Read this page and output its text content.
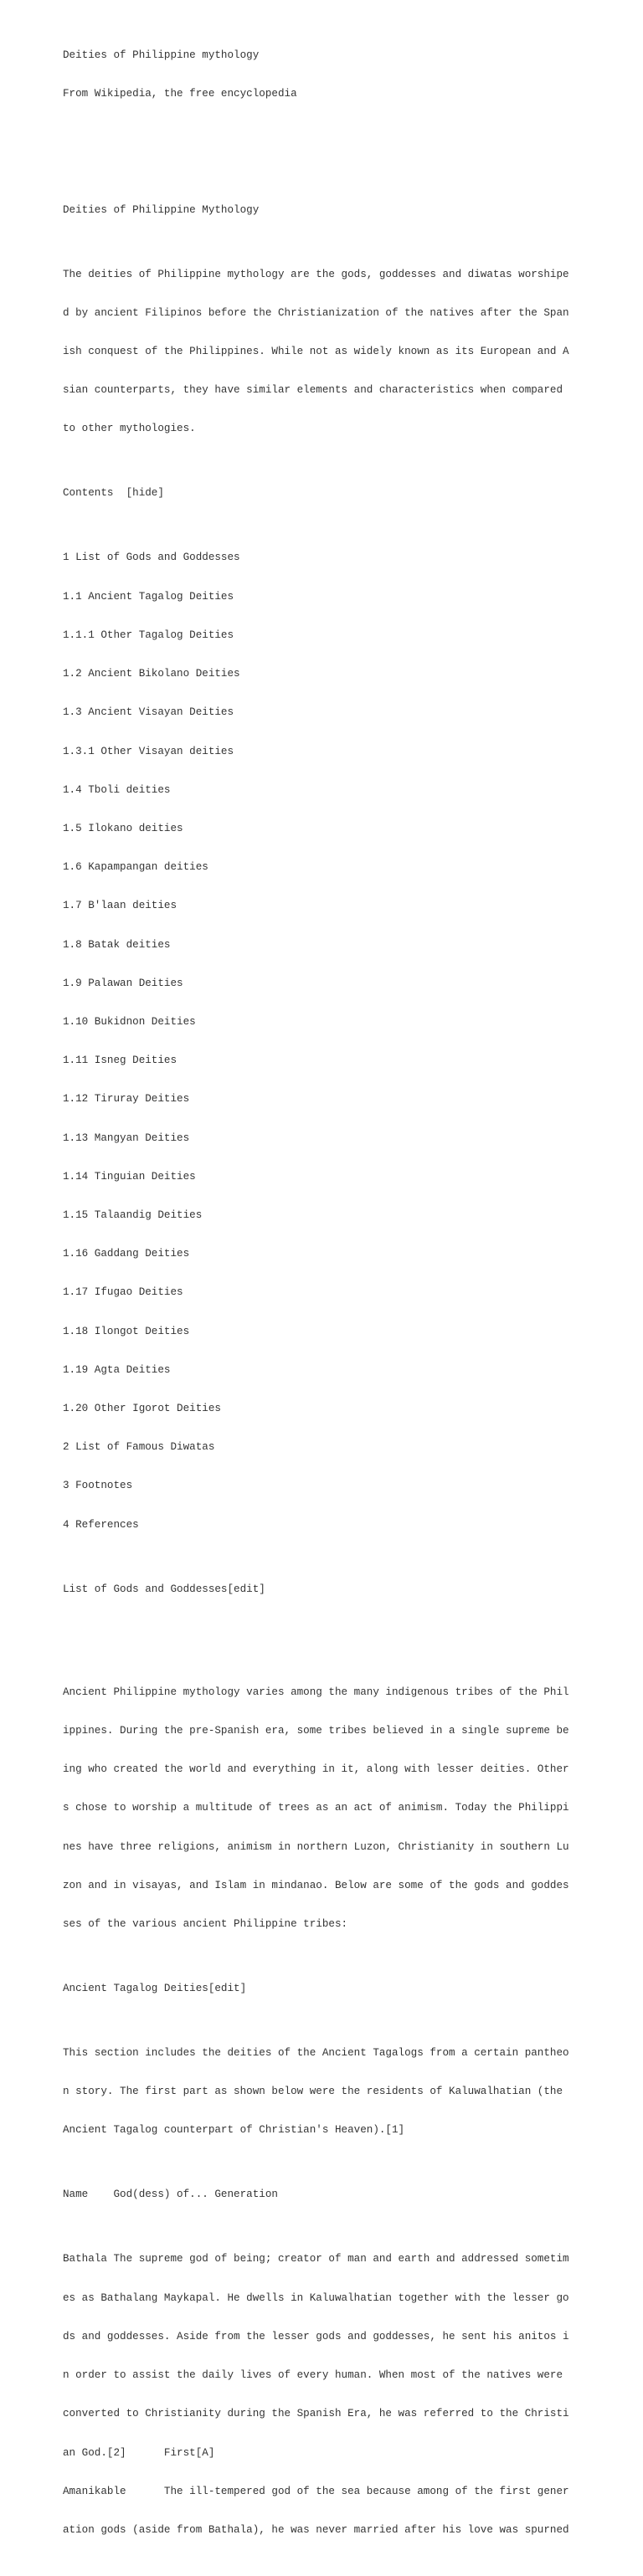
Deities of Philippine mythology

From Wikipedia, the free encyclopedia

Deities of Philippine Mythology

The deities of Philippine mythology are the gods, goddesses and diwatas worshipe

d by ancient Filipinos before the Christianization of the natives after the Span

ish conquest of the Philippines. While not as widely known as its European and A

sian counterparts, they have similar elements and characteristics when compared

to other mythologies.

Contents  [hide]

1 List of Gods and Goddesses

1.1 Ancient Tagalog Deities

1.1.1 Other Tagalog Deities

1.2 Ancient Bikolano Deities

1.3 Ancient Visayan Deities

1.3.1 Other Visayan deities

1.4 Tboli deities

1.5 Ilokano deities

1.6 Kapampangan deities

1.7 B'laan deities

1.8 Batak deities

1.9 Palawan Deities

1.10 Bukidnon Deities

1.11 Isneg Deities

1.12 Tiruray Deities

1.13 Mangyan Deities

1.14 Tinguian Deities

1.15 Talaandig Deities

1.16 Gaddang Deities

1.17 Ifugao Deities

1.18 Ilongot Deities

1.19 Agta Deities

1.20 Other Igorot Deities

2 List of Famous Diwatas

3 Footnotes

4 References

List of Gods and Goddesses[edit]

Ancient Philippine mythology varies among the many indigenous tribes of the Phil

ippines. During the pre-Spanish era, some tribes believed in a single supreme be

ing who created the world and everything in it, along with lesser deities. Other

s chose to worship a multitude of trees as an act of animism. Today the Philippi

nes have three religions, animism in northern Luzon, Christianity in southern Lu

zon and in visayas, and Islam in mindanao. Below are some of the gods and goddes

ses of the various ancient Philippine tribes:

Ancient Tagalog Deities[edit]

This section includes the deities of the Ancient Tagalogs from a certain pantheo

n story. The first part as shown below were the residents of Kaluwalhatian (the

Ancient Tagalog counterpart of Christian's Heaven).[1]

Name    God(dess) of... Generation

Bathala The supreme god of being; creator of man and earth and addressed sometim

es as Bathalang Maykapal. He dwells in Kaluwalhatian together with the lesser go

ds and goddesses. Aside from the lesser gods and goddesses, he sent his anitos i

n order to assist the daily lives of every human. When most of the natives were

converted to Christianity during the Spanish Era, he was referred to the Christi

an God.[2]      First[A]

Amanikable      The ill-tempered god of the sea because among of the first gener

ation gods (aside from Bathala), he was never married after his love was spurned
